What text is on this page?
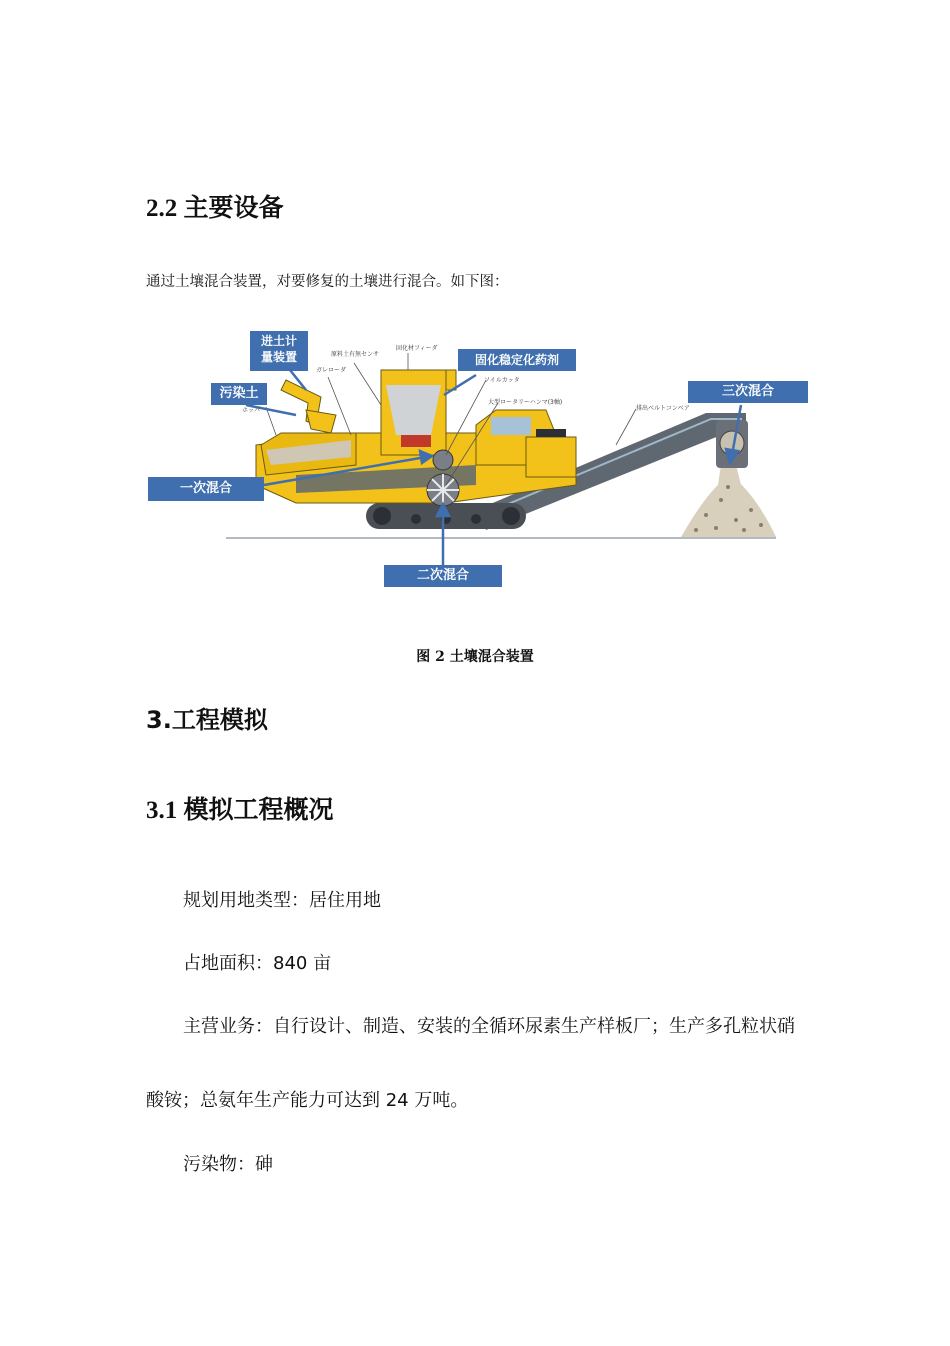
2.2 主要设备

通过土壤混合装置，对要修复的土壤进行混合。如下图：

进土计
量装置
污染土
固化稳定化药剂
一次混合
二次混合
三次混合
原料土有無センサ
ガレローダ
固化材フィーダ
ソイルカッタ
大型ロータリーハンマ(3軸)
排出ベルトコンベア
ホッパ

图 2 土壤混合装置

3.工程模拟
3.1 模拟工程概况

规划用地类型：居住用地

占地面积：840 亩

主营业务：自行设计、制造、安装的全循环尿素生产样板厂；生产多孔粒状硝

酸铵；总氨年生产能力可达到 24 万吨。

污染物：砷
